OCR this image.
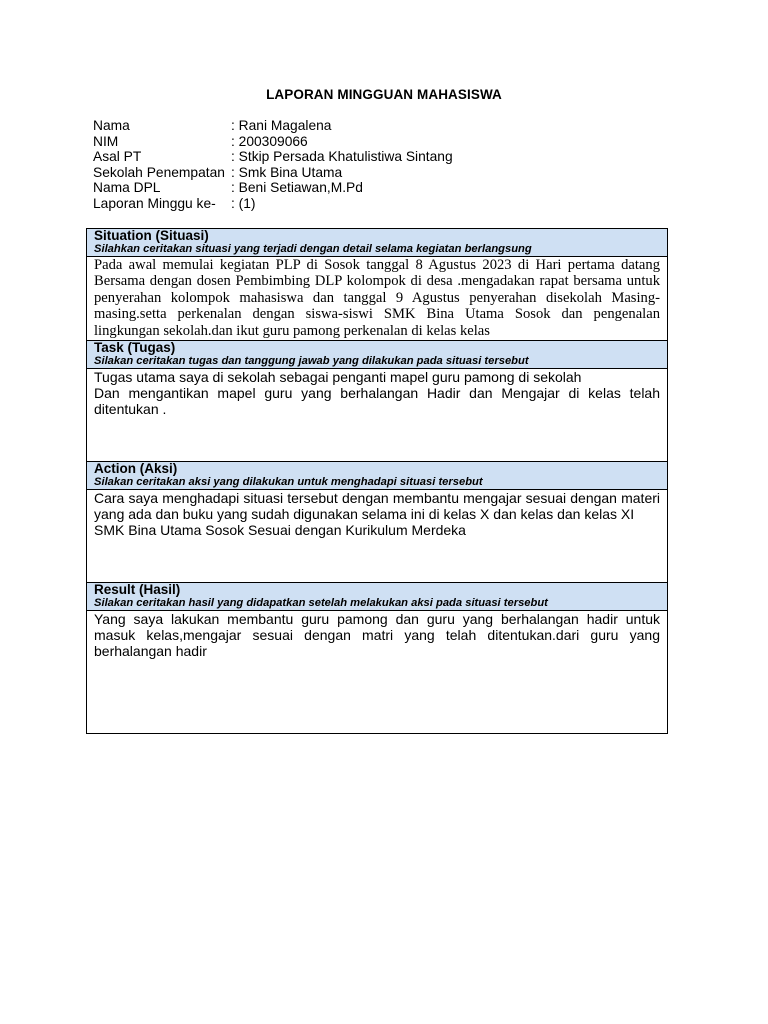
LAPORAN MINGGUAN MAHASISWA
Nama	: Rani Magalena
NIM	: 200309066
Asal PT	: Stkip Persada Khatulistiwa Sintang
Sekolah Penempatan : Smk Bina Utama
Nama DPL	: Beni Setiawan,M.Pd
Laporan Minggu ke-	: (1)
Situation (Situasi)
Silahkan ceritakan situasi yang terjadi dengan detail selama kegiatan berlangsung

Pada awal memulai kegiatan PLP di Sosok tanggal 8 Agustus 2023 di Hari pertama datang Bersama dengan dosen Pembimbing DLP kolompok di desa .mengadakan rapat bersama untuk penyerahan kolompok mahasiswa dan tanggal 9 Agustus penyerahan disekolah Masing-masing.setta perkenalan dengan siswa-siswi SMK Bina Utama Sosok dan pengenalan lingkungan sekolah.dan ikut guru pamong perkenalan di kelas kelas

Task (Tugas)
Silakan ceritakan tugas dan tanggung jawab yang dilakukan pada situasi tersebut

Tugas utama saya di sekolah sebagai penganti mapel guru pamong di sekolah

Dan mengantikan mapel guru yang berhalangan Hadir dan Mengajar di kelas telah ditentukan .

Action (Aksi)
Silakan ceritakan aksi yang dilakukan untuk menghadapi situasi tersebut

Cara saya menghadapi situasi tersebut dengan membantu mengajar sesuai dengan materi yang ada dan buku yang sudah digunakan selama ini di kelas X dan kelas dan kelas XI

SMK Bina Utama Sosok Sesuai dengan Kurikulum Merdeka

Result (Hasil)
Silakan ceritakan hasil yang didapatkan setelah melakukan aksi pada situasi tersebut

Yang saya lakukan membantu guru pamong dan guru yang berhalangan hadir untuk masuk kelas,mengajar sesuai dengan matri yang telah ditentukan.dari guru yang berhalangan hadir
